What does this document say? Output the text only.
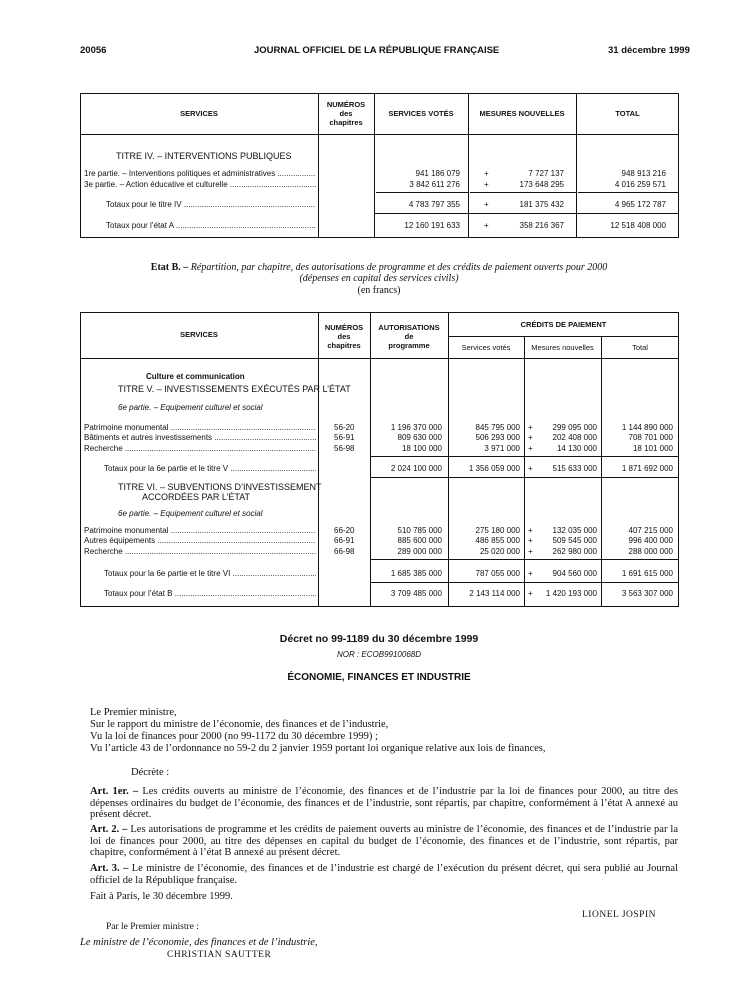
20056	JOURNAL OFFICIEL DE LA RÉPUBLIQUE FRANÇAISE	31 décembre 1999
SERVICES
NUMÉROS
des
chapitres
SERVICES VOTÉS	MESURES NOUVELLES	TOTAL
TITRE IV. – INTERVENTIONS PUBLIQUES
1re partie. – Interventions politiques et administratives .....	941 186 079	+	7 727 137	948 913 216
3e partie. – Action éducative et culturelle .....	3 842 611 276	+	173 648 295	4 016 259 571
Totaux pour le titre IV .....	4 783 797 355	+	181 375 432	4 965 172 787
Totaux pour l’état A .....	12 160 191 633	+	358 216 367	12 518 408 000
Etat B. – Répartition, par chapitre, des autorisations de programme et des crédits de paiement ouverts pour 2000
(dépenses en capital des services civils)
(en francs)
SERVICES
NUMÉROS
des
chapitres
AUTORISATIONS
de
programme
CRÉDITS DE PAIEMENT
Services votés	Mesures nouvelles	Total
Culture et communication
TITRE V. – INVESTISSEMENTS EXÉCUTÉS PAR L’ÉTAT
6e partie. – Equipement culturel et social
Patrimoine monumental .....	56-20	1 196 370 000	845 795 000 +	299 095 000	1 144 890 000
Bâtiments et autres investissements .....	56-91	809 630 000	506 293 000 +	202 408 000	708 701 000
Recherche .....	56-98	18 100 000	3 971 000 +	14 130 000	18 101 000
Totaux pour la 6e partie et le titre V .....	2 024 100 000	1 356 059 000 +	515 633 000	1 871 692 000
TITRE VI. – SUBVENTIONS D’INVESTISSEMENT
ACCORDÉES PAR L’ÉTAT
6e partie. – Equipement culturel et social
Patrimoine monumental .....	66-20	510 785 000	275 180 000 +	132 035 000	407 215 000
Autres équipements .....	66-91	885 600 000	486 855 000 +	509 545 000	996 400 000
Recherche .....	66-98	289 000 000	25 020 000 +	262 980 000	288 000 000
Totaux pour la 6e partie et le titre VI .....	1 685 385 000	787 055 000 +	904 560 000	1 691 615 000
Totaux pour l’état B .....	3 709 485 000	2 143 114 000 +	1 420 193 000	3 563 307 000
Décret no 99-1189 du 30 décembre 1999
NOR : ECOB9910068D
ÉCONOMIE, FINANCES ET INDUSTRIE
Le Premier ministre,
Sur le rapport du ministre de l’économie, des finances et de l’industrie,
Vu la loi de finances pour 2000 (no 99-1172 du 30 décembre 1999) ;
Vu l’article 43 de l’ordonnance no 59-2 du 2 janvier 1959 portant loi organique relative aux lois de finances,
Décrète :
Art. 1er. – Les crédits ouverts au ministre de l’économie, des finances et de l’industrie par la loi de finances pour 2000, au titre des dépenses ordinaires du budget de l’économie, des finances et de l’industrie, sont répartis, par chapitre, conformément à l’état A annexé au présent décret.
Art. 2. – Les autorisations de programme et les crédits de paiement ouverts au ministre de l’économie, des finances et de l’industrie par la loi de finances pour 2000, au titre des dépenses en capital du budget de l’économie, des finances et de l’industrie, sont répartis, par chapitre, conformément à l’état B annexé au présent décret.
Art. 3. – Le ministre de l’économie, des finances et de l’industrie est chargé de l’exécution du présent décret, qui sera publié au Journal officiel de la République française.
Fait à Paris, le 30 décembre 1999.
LIONEL JOSPIN
Par le Premier ministre :
Le ministre de l’économie, des finances et de l’industrie,
CHRISTIAN SAUTTER
